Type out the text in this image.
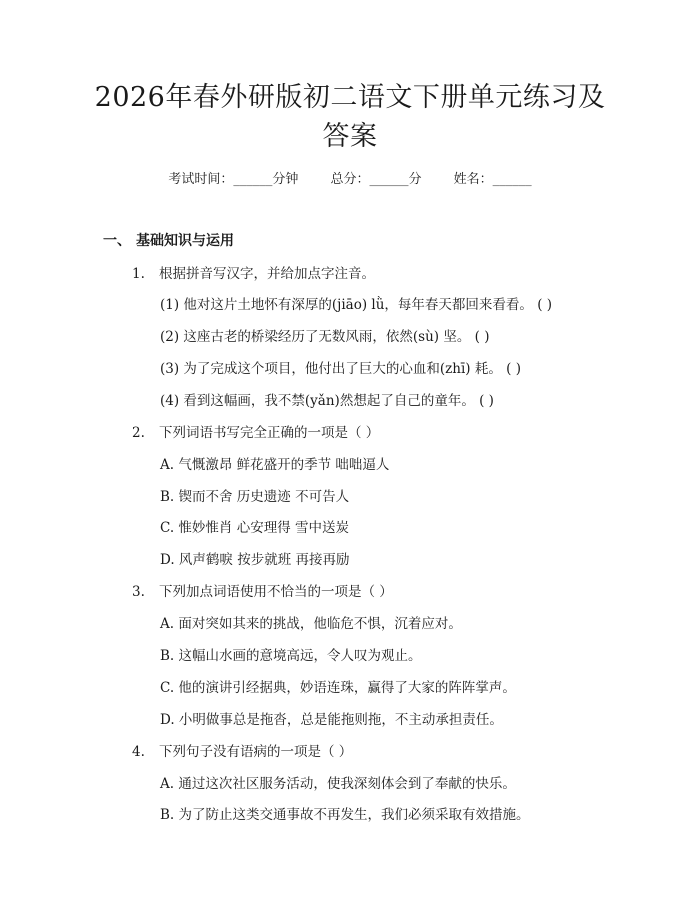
2026年春外研版初二语文下册单元练习及答案
考试时间：______分钟 总分：______分 姓名：______
一、 基础知识与运用
1. 根据拼音写汉字，并给加点字注音。
(1) 他对这片土地怀有深厚的(jiāo) lǜ，每年春天都回来看看。 ( )
(2) 这座古老的桥梁经历了无数风雨，依然(sù) 坚。 ( )
(3) 为了完成这个项目，他付出了巨大的心血和(zhī) 耗。 ( )
(4) 看到这幅画，我不禁(yǎn)然想起了自己的童年。 ( )
2. 下列词语书写完全正确的一项是（ ）
A. 气慨激昂 鲜花盛开的季节 咄咄逼人
B. 锲而不舍 历史遗迹 不可告人
C. 惟妙惟肖 心安理得 雪中送炭
D. 风声鹤唳 按步就班 再接再励
3. 下列加点词语使用不恰当的一项是（ ）
A. 面对突如其来的挑战，他临危不惧，沉着应对。
B. 这幅山水画的意境高远，令人叹为观止。
C. 他的演讲引经据典，妙语连珠，赢得了大家的阵阵掌声。
D. 小明做事总是拖沓，总是能拖则拖，不主动承担责任。
4. 下列句子没有语病的一项是（ ）
A. 通过这次社区服务活动，使我深刻体会到了奉献的快乐。
B. 为了防止这类交通事故不再发生，我们必须采取有效措施。
